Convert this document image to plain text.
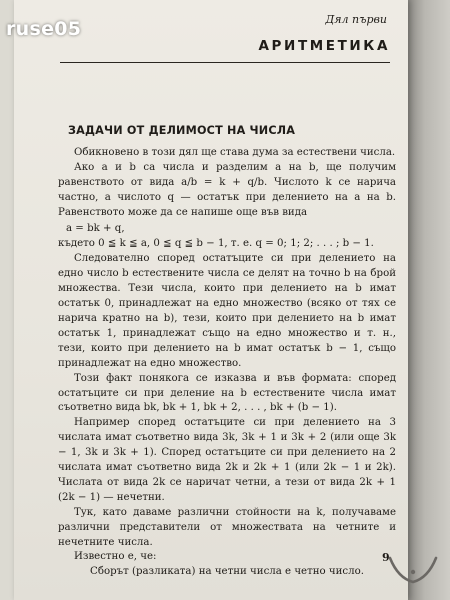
ruse05	Дял първи
АРИТМЕТИКА
ЗАДАЧИ ОТ ДЕЛИМОСТ НА ЧИСЛА

Обикновено в този дял ще става дума за естествени числа.

Ако a и b са числа и разделим a на b, ще получим равенството от вида a/b = k + q/b. Числото k се нарича частно, а числото q — остатък при делението на a на b. Равенството може да се напише още във вида

a = bk + q,

където 0 ≦ k ≦ a, 0 ≦ q ≦ b − 1, т. е. q = 0; 1; 2; . . . ; b − 1.

Следователно според остатъците си при делението на едно число b естествените числа се делят на точно b на брой множества. Тези числа, които при делението на b имат остатък 0, принадлежат на едно множество (всяко от тях се нарича кратно на b), тези, които при делението на b имат остатък 1, принадлежат също на едно множество и т. н., тези, които при делението на b имат остатък b − 1, също принадлежат на едно множество.

Този факт понякога се изказва и във формата: според остатъците си при деление на b естествените числа имат съответно вида bk, bk + 1, bk + 2, . . . , bk + (b − 1).

Например според остатъците си при делението на 3 числата имат съответно вида 3k, 3k + 1 и 3k + 2 (или още 3k − 1, 3k и 3k + 1). Според остатъците си при делението на 2 числата имат съответно вида 2k и 2k + 1 (или 2k − 1 и 2k). Числата от вида 2k се наричат четни, а тези от вида 2k + 1 (2k − 1) — нечетни.

Тук, като даваме различни стойности на k, получаваме различни представители от множествата на четните и нечетните числа.

Известно е, че:

Сборът (разликата) на четни числа е четно число.

9
